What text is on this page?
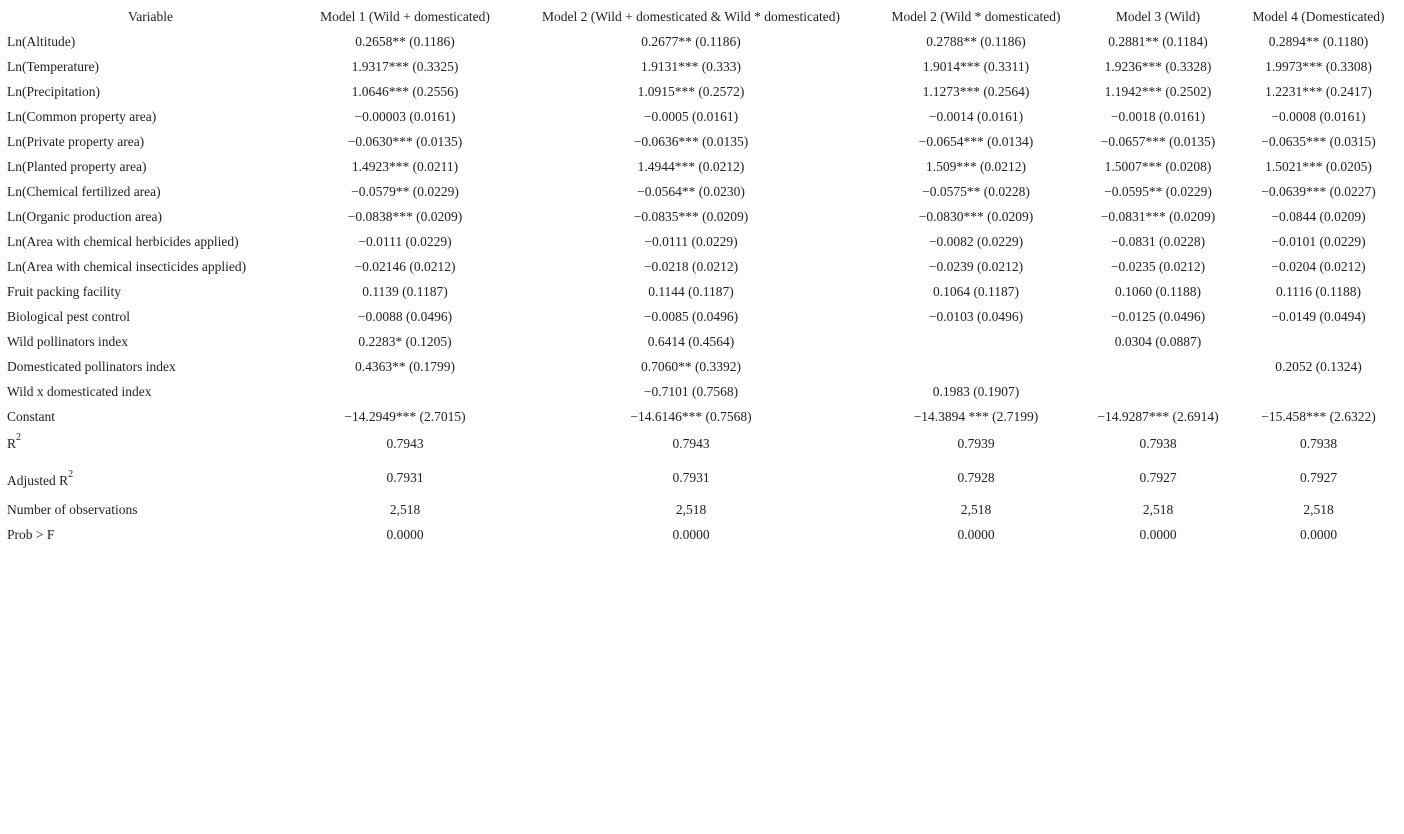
Variable	Model 1 (Wild + domesticated)	Model 2 (Wild + domesticated & Wild * domesticated)	Model 2 (Wild * domesticated)	Model 3 (Wild)	Model 4 (Domesticated)
Ln(Altitude)	0.2658** (0.1186)	0.2677** (0.1186)	0.2788** (0.1186)	0.2881** (0.1184)	0.2894** (0.1180)
Ln(Temperature)	1.9317*** (0.3325)	1.9131*** (0.333)	1.9014*** (0.3311)	1.9236*** (0.3328)	1.9973*** (0.3308)
Ln(Precipitation)	1.0646*** (0.2556)	1.0915*** (0.2572)	1.1273*** (0.2564)	1.1942*** (0.2502)	1.2231*** (0.2417)
Ln(Common property area)	−0.00003 (0.0161)	−0.0005 (0.0161)	−0.0014 (0.0161)	−0.0018 (0.0161)	−0.0008 (0.0161)
Ln(Private property area)	−0.0630*** (0.0135)	−0.0636*** (0.0135)	−0.0654*** (0.0134)	−0.0657*** (0.0135)	−0.0635*** (0.0315)
Ln(Planted property area)	1.4923*** (0.0211)	1.4944*** (0.0212)	1.509*** (0.0212)	1.5007*** (0.0208)	1.5021*** (0.0205)
Ln(Chemical fertilized area)	−0.0579** (0.0229)	−0.0564** (0.0230)	−0.0575** (0.0228)	−0.0595** (0.0229)	−0.0639*** (0.0227)
Ln(Organic production area)	−0.0838*** (0.0209)	−0.0835*** (0.0209)	−0.0830*** (0.0209)	−0.0831*** (0.0209)	−0.0844 (0.0209)
Ln(Area with chemical herbicides applied)	−0.0111 (0.0229)	−0.0111 (0.0229)	−0.0082 (0.0229)	−0.0831 (0.0228)	−0.0101 (0.0229)
Ln(Area with chemical insecticides applied)	−0.02146 (0.0212)	−0.0218 (0.0212)	−0.0239 (0.0212)	−0.0235 (0.0212)	−0.0204 (0.0212)
Fruit packing facility	0.1139 (0.1187)	0.1144 (0.1187)	0.1064 (0.1187)	0.1060 (0.1188)	0.1116 (0.1188)
Biological pest control	−0.0088 (0.0496)	−0.0085 (0.0496)	−0.0103 (0.0496)	−0.0125 (0.0496)	−0.0149 (0.0494)
Wild pollinators index	0.2283* (0.1205)	0.6414 (0.4564)		0.0304 (0.0887)	
Domesticated pollinators index	0.4363** (0.1799)	0.7060** (0.3392)			0.2052 (0.1324)
Wild x domesticated index		−0.7101 (0.7568)	0.1983 (0.1907)		
Constant	−14.2949*** (2.7015)	−14.6146*** (0.7568)	−14.3894 *** (2.7199)	−14.9287*** (2.6914)	−15.458*** (2.6322)
$R^2$	0.7943	0.7943	0.7939	0.7938	0.7938
Adjusted $R^2$	0.7931	0.7931	0.7928	0.7927	0.7927
Number of observations	2,518	2,518	2,518	2,518	2,518
Prob > F	0.0000	0.0000	0.0000	0.0000	0.0000
